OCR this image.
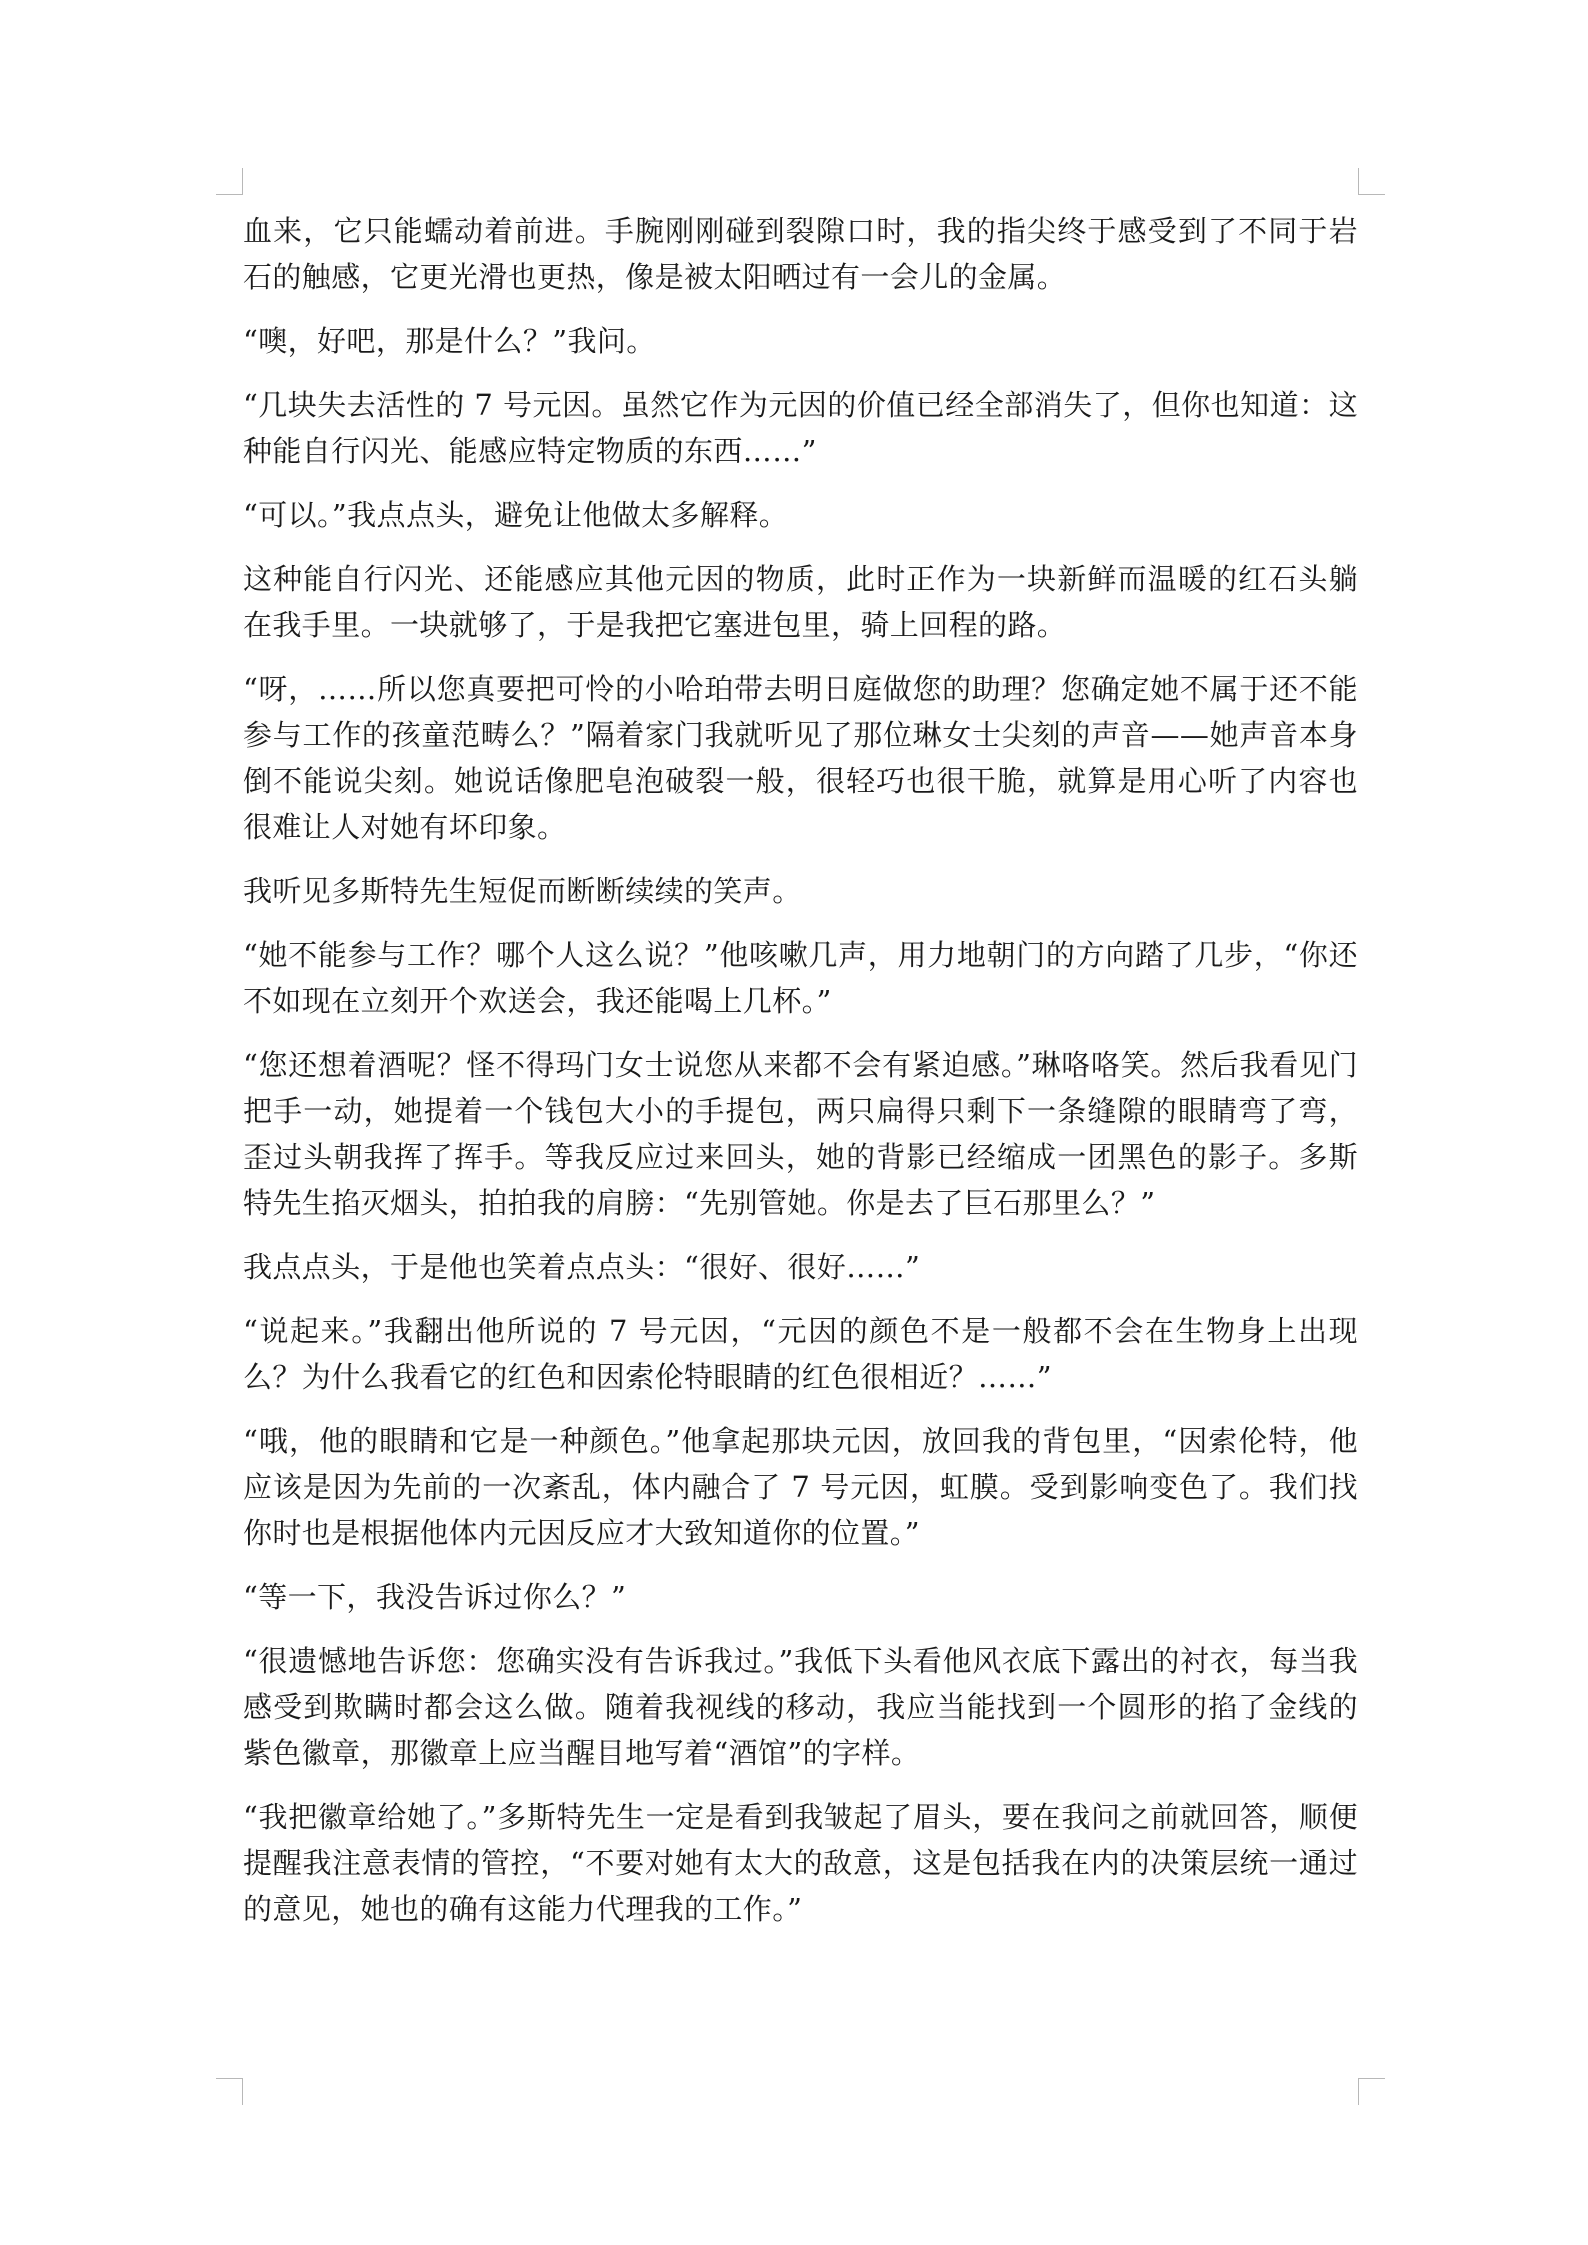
血来，它只能蠕动着前进。手腕刚刚碰到裂隙口时，我的指尖终于感受到了不同于岩石的触感，它更光滑也更热，像是被太阳晒过有一会儿的金属。

“噢，好吧，那是什么？”我问。

“几块失去活性的 7 号元因。虽然它作为元因的价值已经全部消失了，但你也知道：这种能自行闪光、能感应特定物质的东西……”

“可以。”我点点头，避免让他做太多解释。

这种能自行闪光、还能感应其他元因的物质，此时正作为一块新鲜而温暖的红石头躺在我手里。一块就够了，于是我把它塞进包里，骑上回程的路。

“呀，……所以您真要把可怜的小哈珀带去明日庭做您的助理？您确定她不属于还不能参与工作的孩童范畴么？”隔着家门我就听见了那位琳女士尖刻的声音——她声音本身倒不能说尖刻。她说话像肥皂泡破裂一般，很轻巧也很干脆，就算是用心听了内容也很难让人对她有坏印象。

我听见多斯特先生短促而断断续续的笑声。

“她不能参与工作？哪个人这么说？”他咳嗽几声，用力地朝门的方向踏了几步，“你还不如现在立刻开个欢送会，我还能喝上几杯。”

“您还想着酒呢？怪不得玛门女士说您从来都不会有紧迫感。”琳咯咯笑。然后我看见门把手一动，她提着一个钱包大小的手提包，两只扁得只剩下一条缝隙的眼睛弯了弯，歪过头朝我挥了挥手。等我反应过来回头，她的背影已经缩成一团黑色的影子。多斯特先生掐灭烟头，拍拍我的肩膀：“先别管她。你是去了巨石那里么？”

我点点头，于是他也笑着点点头：“很好、很好……”

“说起来。”我翻出他所说的 7 号元因，“元因的颜色不是一般都不会在生物身上出现么？为什么我看它的红色和因索伦特眼睛的红色很相近？……”

“哦，他的眼睛和它是一种颜色。”他拿起那块元因，放回我的背包里，“因索伦特，他应该是因为先前的一次紊乱，体内融合了 7 号元因，虹膜。受到影响变色了。我们找你时也是根据他体内元因反应才大致知道你的位置。”

“等一下，我没告诉过你么？”

“很遗憾地告诉您：您确实没有告诉我过。”我低下头看他风衣底下露出的衬衣，每当我感受到欺瞒时都会这么做。随着我视线的移动，我应当能找到一个圆形的掐了金线的紫色徽章，那徽章上应当醒目地写着“酒馆”的字样。

“我把徽章给她了。”多斯特先生一定是看到我皱起了眉头，要在我问之前就回答，顺便提醒我注意表情的管控，“不要对她有太大的敌意，这是包括我在内的决策层统一通过的意见，她也的确有这能力代理我的工作。”
